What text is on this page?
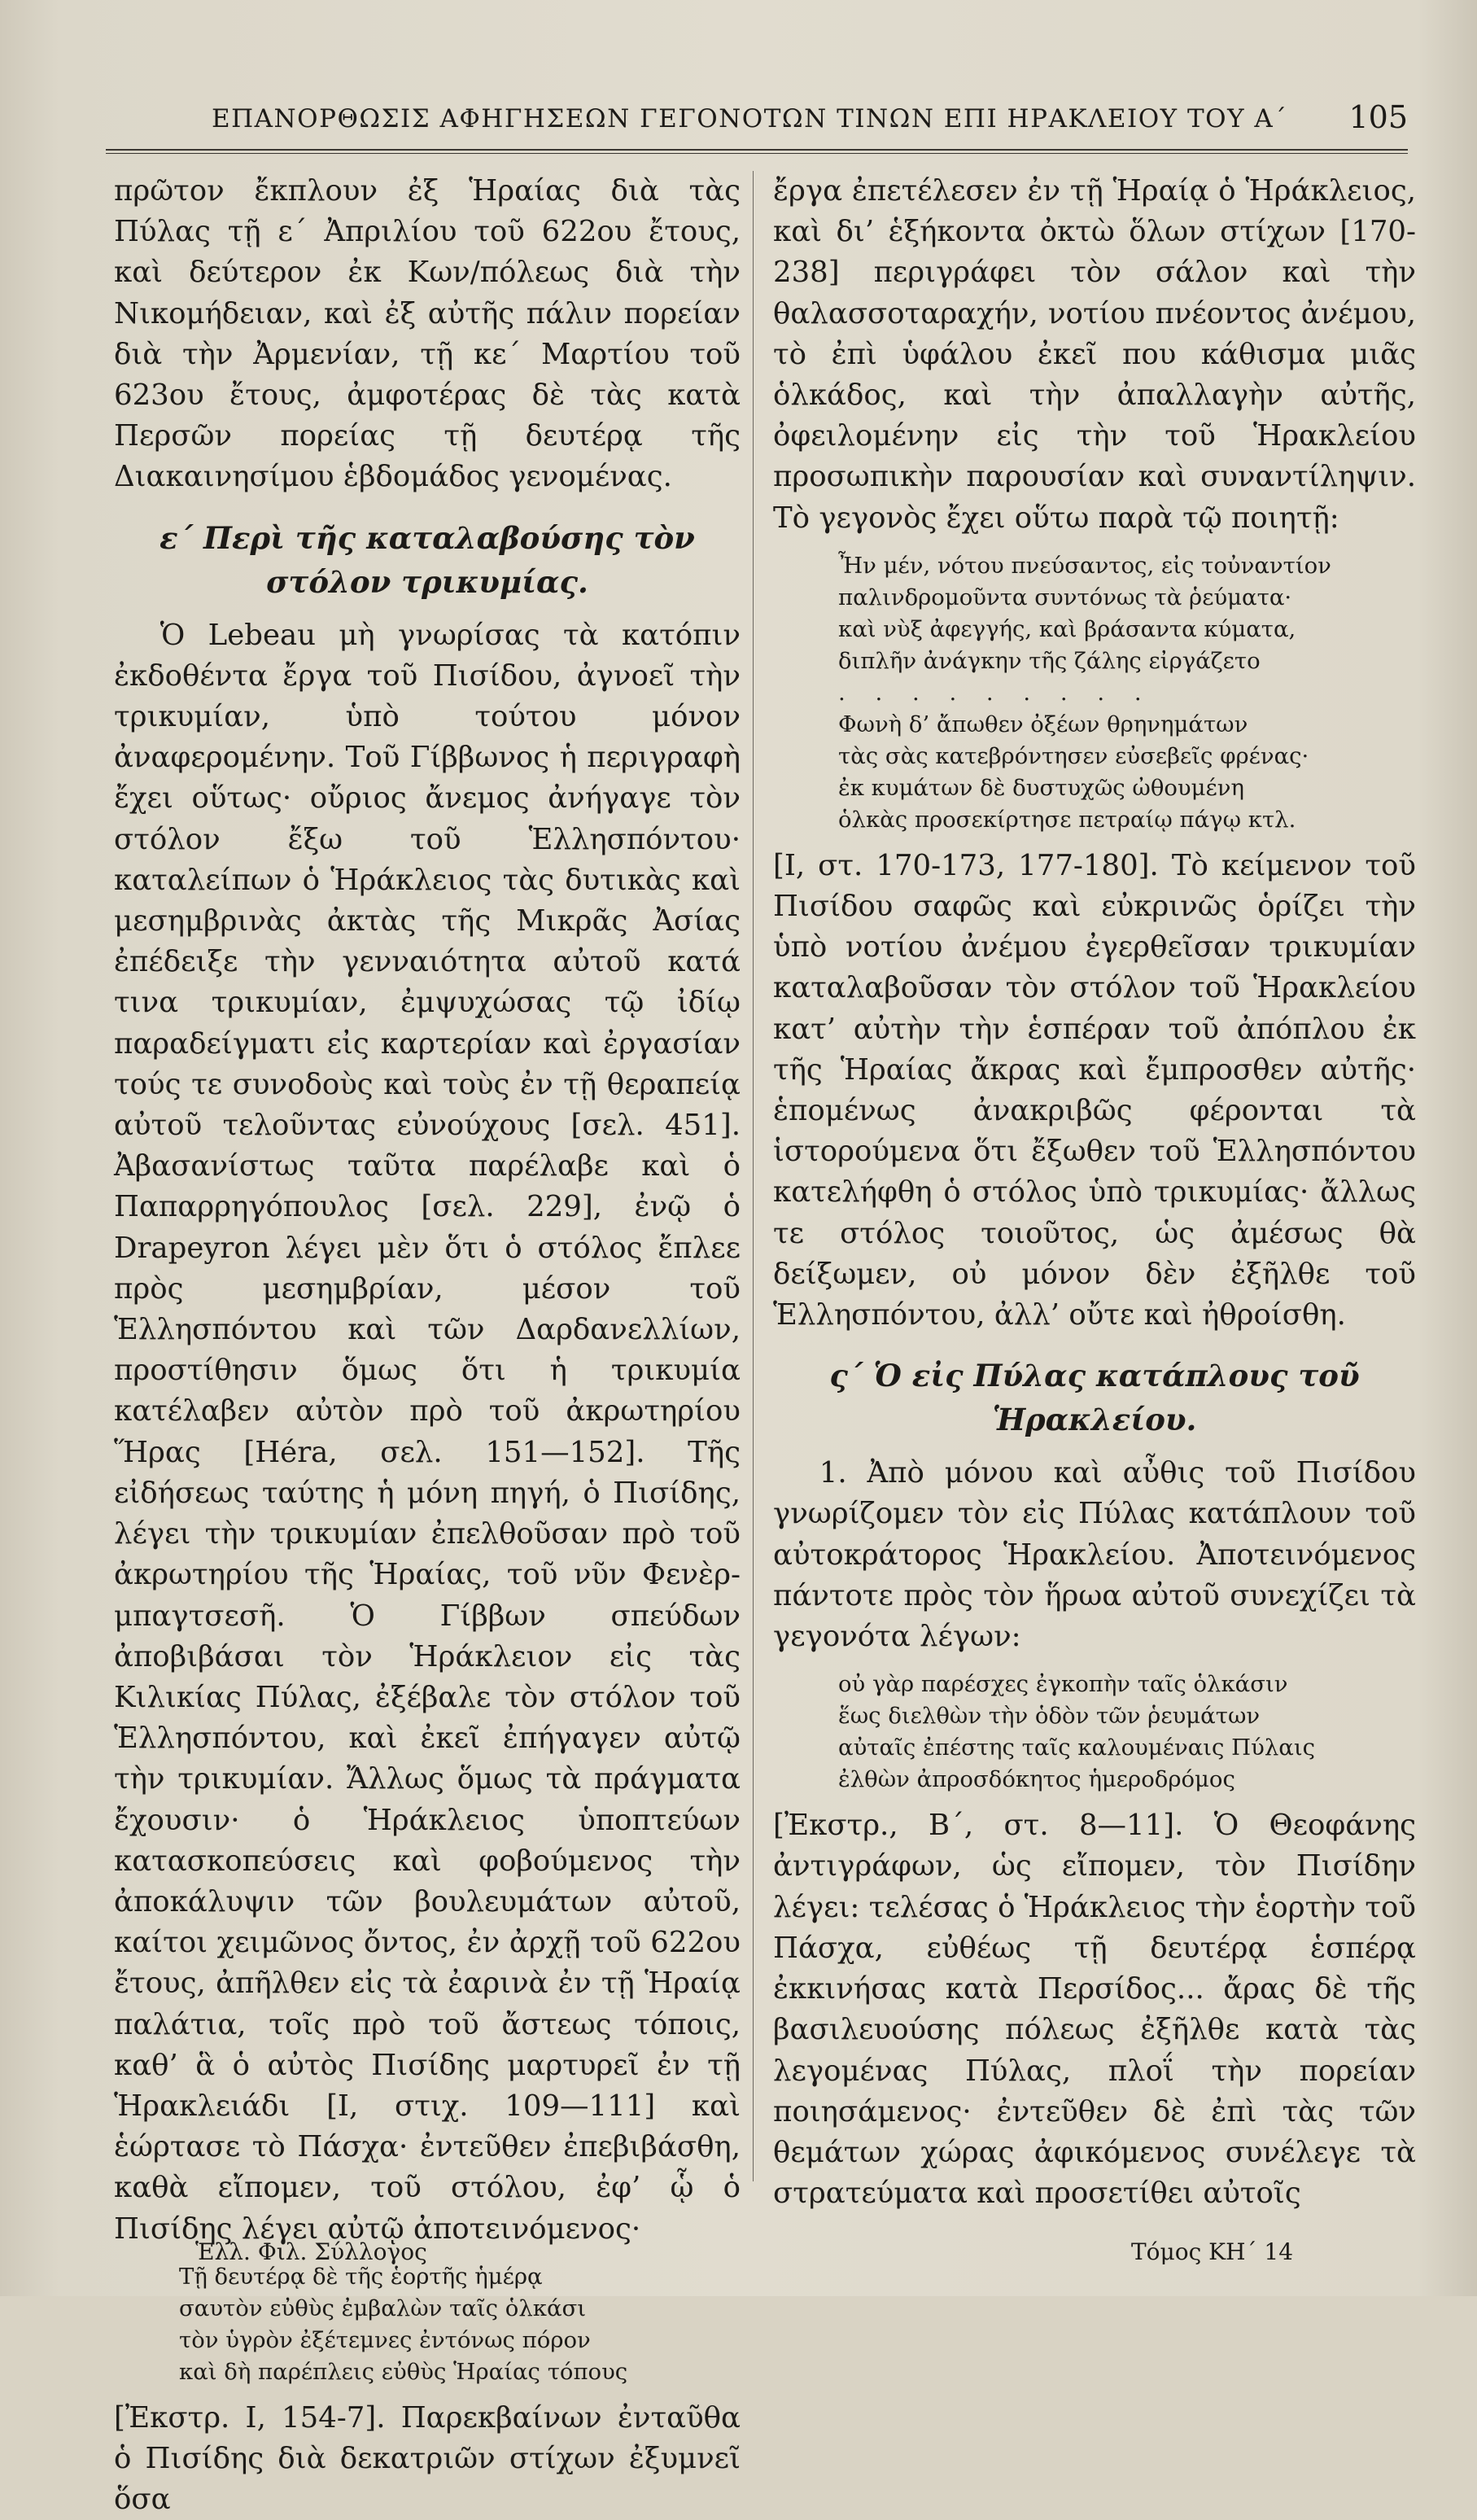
ΕΠΑΝΟΡΘΩΣΙΣ ΑΦΗΓΗΣΕΩΝ ΓΕΓΟΝΟΤΩΝ ΤΙΝΩΝ ΕΠΙ ΗΡΑΚΛΕΙΟΥ ΤΟΥ Α΄ 105

πρῶτον ἔκπλουν ἐξ Ἡραίας διὰ τὰς Πύλας τῇ ε΄ Ἀπριλίου τοῦ 622ου ἔτους, καὶ δεύτερον ἐκ Κων/πόλεως διὰ τὴν Νικομήδειαν, καὶ ἐξ αὐτῆς πάλιν πορείαν διὰ τὴν Ἀρμενίαν, τῇ κε΄ Μαρτίου τοῦ 623ου ἔτους, ἀμφοτέρας δὲ τὰς κατὰ Περσῶν πορείας τῇ δευτέρᾳ τῆς Διακαινησίμου ἑβδομάδος γενομένας.

ε΄ Περὶ τῆς καταλαβούσης τὸν στόλον τρικυμίας.

Ὁ Lebeau μὴ γνωρίσας τὰ κατόπιν ἐκδοθέντα ἔργα τοῦ Πισίδου, ἀγνοεῖ τὴν τρικυμίαν, ὑπὸ τούτου μόνον ἀναφερομένην. Τοῦ Γίββωνος ἡ περιγραφὴ ἔχει οὕτως· οὔριος ἄνεμος ἀνήγαγε τὸν στόλον ἔξω τοῦ Ἑλλησπόντου· καταλείπων ὁ Ἡράκλειος τὰς δυτικὰς καὶ μεσημβρινὰς ἀκτὰς τῆς Μικρᾶς Ἀσίας ἐπέδειξε τὴν γενναιότητα αὐτοῦ κατά τινα τρικυμίαν, ἐμψυχώσας τῷ ἰδίῳ παραδείγματι εἰς καρτερίαν καὶ ἐργασίαν τούς τε συνοδοὺς καὶ τοὺς ἐν τῇ θεραπείᾳ αὐτοῦ τελοῦντας εὐνούχους [σελ. 451]. Ἀβασανίστως ταῦτα παρέλαβε καὶ ὁ Παπαρρηγόπουλος [σελ. 229], ἐνῷ ὁ Drapeyron λέγει μὲν ὅτι ὁ στόλος ἔπλεε πρὸς μεσημβρίαν, μέσον τοῦ Ἑλλησπόντου καὶ τῶν Δαρδανελλίων, προστίθησιν ὅμως ὅτι ἡ τρικυμία κατέλαβεν αὐτὸν πρὸ τοῦ ἀκρωτηρίου Ἥρας [Héra, σελ. 151—152]. Τῆς εἰδήσεως ταύτης ἡ μόνη πηγή, ὁ Πισίδης, λέγει τὴν τρικυμίαν ἐπελθοῦσαν πρὸ τοῦ ἀκρωτηρίου τῆς Ἡραίας, τοῦ νῦν Φενὲρ-μπαγτσεσῆ. Ὁ Γίββων σπεύδων ἀποβιβάσαι τὸν Ἡράκλειον εἰς τὰς Κιλικίας Πύλας, ἐξέβαλε τὸν στόλον τοῦ Ἑλλησπόντου, καὶ ἐκεῖ ἐπήγαγεν αὐτῷ τὴν τρικυμίαν. Ἄλλως ὅμως τὰ πράγματα ἔχουσιν· ὁ Ἡράκλειος ὑποπτεύων κατασκοπεύσεις καὶ φοβούμενος τὴν ἀποκάλυψιν τῶν βουλευμάτων αὐτοῦ, καίτοι χειμῶνος ὄντος, ἐν ἀρχῇ τοῦ 622ου ἔτους, ἀπῆλθεν εἰς τὰ ἐαρινὰ ἐν τῇ Ἡραίᾳ παλάτια, τοῖς πρὸ τοῦ ἄστεως τόποις, καθ’ ἃ ὁ αὐτὸς Πισίδης μαρτυρεῖ ἐν τῇ Ἡρακλειάδι [Ι, στιχ. 109—111] καὶ ἑώρτασε τὸ Πάσχα· ἐντεῦθεν ἐπεβιβάσθη, καθὰ εἴπομεν, τοῦ στόλου, ἐφ’ ᾧ ὁ Πισίδης λέγει αὐτῷ ἀποτεινόμενος·

Τῇ δευτέρᾳ δὲ τῆς ἑορτῆς ἡμέρᾳ
σαυτὸν εὐθὺς ἐμβαλὼν ταῖς ὁλκάσι
τὸν ὑγρὸν ἐξέτεμνες ἐντόνως πόρον
καὶ δὴ παρέπλεις εὐθὺς Ἡραίας τόπους

[Ἐκστρ. Ι, 154-7]. Παρεκβαίνων ἐνταῦθα ὁ Πισίδης διὰ δεκατριῶν στίχων ἐξυμνεῖ ὅσα

ἔργα ἐπετέλεσεν ἐν τῇ Ἡραίᾳ ὁ Ἡράκλειος, καὶ δι’ ἑξήκοντα ὀκτὼ ὅλων στίχων [170-238] περιγράφει τὸν σάλον καὶ τὴν θαλασσοταραχήν, νοτίου πνέοντος ἀνέμου, τὸ ἐπὶ ὑφάλου ἐκεῖ που κάθισμα μιᾶς ὁλκάδος, καὶ τὴν ἀπαλλαγὴν αὐτῆς, ὀφειλομένην εἰς τὴν τοῦ Ἡρακλείου προσωπικὴν παρουσίαν καὶ συναντίληψιν. Τὸ γεγονὸς ἔχει οὕτω παρὰ τῷ ποιητῇ:

Ἦν μέν, νότου πνεύσαντος, εἰς τοὐναντίον
παλινδρομοῦντα συντόνως τὰ ῥεύματα·
καὶ νὺξ ἀφεγγής, καὶ βράσαντα κύματα,
διπλῆν ἀνάγκην τῆς ζάλης εἰργάζετο
. . . . . . . . .
Φωνὴ δ’ ἄπωθεν ὀξέων θρηνημάτων
τὰς σὰς κατεβρόντησεν εὐσεβεῖς φρένας·
ἐκ κυμάτων δὲ δυστυχῶς ὠθουμένη
ὁλκὰς προσεκίρτησε πετραίῳ πάγῳ κτλ.

[Ι, στ. 170-173, 177-180]. Τὸ κείμενον τοῦ Πισίδου σαφῶς καὶ εὐκρινῶς ὁρίζει τὴν ὑπὸ νοτίου ἀνέμου ἐγερθεῖσαν τρικυμίαν καταλαβοῦσαν τὸν στόλον τοῦ Ἡρακλείου κατ’ αὐτὴν τὴν ἑσπέραν τοῦ ἀπόπλου ἐκ τῆς Ἡραίας ἄκρας καὶ ἔμπροσθεν αὐτῆς· ἑπομένως ἀνακριβῶς φέρονται τὰ ἱστορούμενα ὅτι ἔξωθεν τοῦ Ἑλλησπόντου κατελήφθη ὁ στόλος ὑπὸ τρικυμίας· ἄλλως τε στόλος τοιοῦτος, ὡς ἀμέσως θὰ δείξωμεν, οὐ μόνον δὲν ἐξῆλθε τοῦ Ἑλλησπόντου, ἀλλ’ οὔτε καὶ ἠθροίσθη.

ς΄ Ὁ εἰς Πύλας κατάπλους τοῦ Ἡρακλείου.

1. Ἀπὸ μόνου καὶ αὖθις τοῦ Πισίδου γνωρίζομεν τὸν εἰς Πύλας κατάπλουν τοῦ αὐτοκράτορος Ἡρακλείου. Ἀποτεινόμενος πάντοτε πρὸς τὸν ἥρωα αὐτοῦ συνεχίζει τὰ γεγονότα λέγων:

οὐ γὰρ παρέσχες ἐγκοπὴν ταῖς ὁλκάσιν
ἕως διελθὼν τὴν ὁδὸν τῶν ῥευμάτων
αὐταῖς ἐπέστης ταῖς καλουμέναις Πύλαις
ἐλθὼν ἀπροσδόκητος ἡμεροδρόμος

[Ἐκστρ., Β΄, στ. 8—11]. Ὁ Θεοφάνης ἀντιγράφων, ὡς εἴπομεν, τὸν Πισίδην λέγει: τελέσας ὁ Ἡράκλειος τὴν ἑορτὴν τοῦ Πάσχα, εὐθέως τῇ δευτέρᾳ ἑσπέρᾳ ἐκκινήσας κατὰ Περσίδος... ἄρας δὲ τῆς βασιλευούσης πόλεως ἐξῆλθε κατὰ τὰς λεγομένας Πύλας, πλοΐ τὴν πορείαν ποιησάμενος· ἐντεῦθεν δὲ ἐπὶ τὰς τῶν θεμάτων χώρας ἀφικόμενος συνέλεγε τὰ στρατεύματα καὶ προσετίθει αὐτοῖς

Ἑλλ. Φιλ. Σύλλογος	Τόμος ΚΗ΄ 14
